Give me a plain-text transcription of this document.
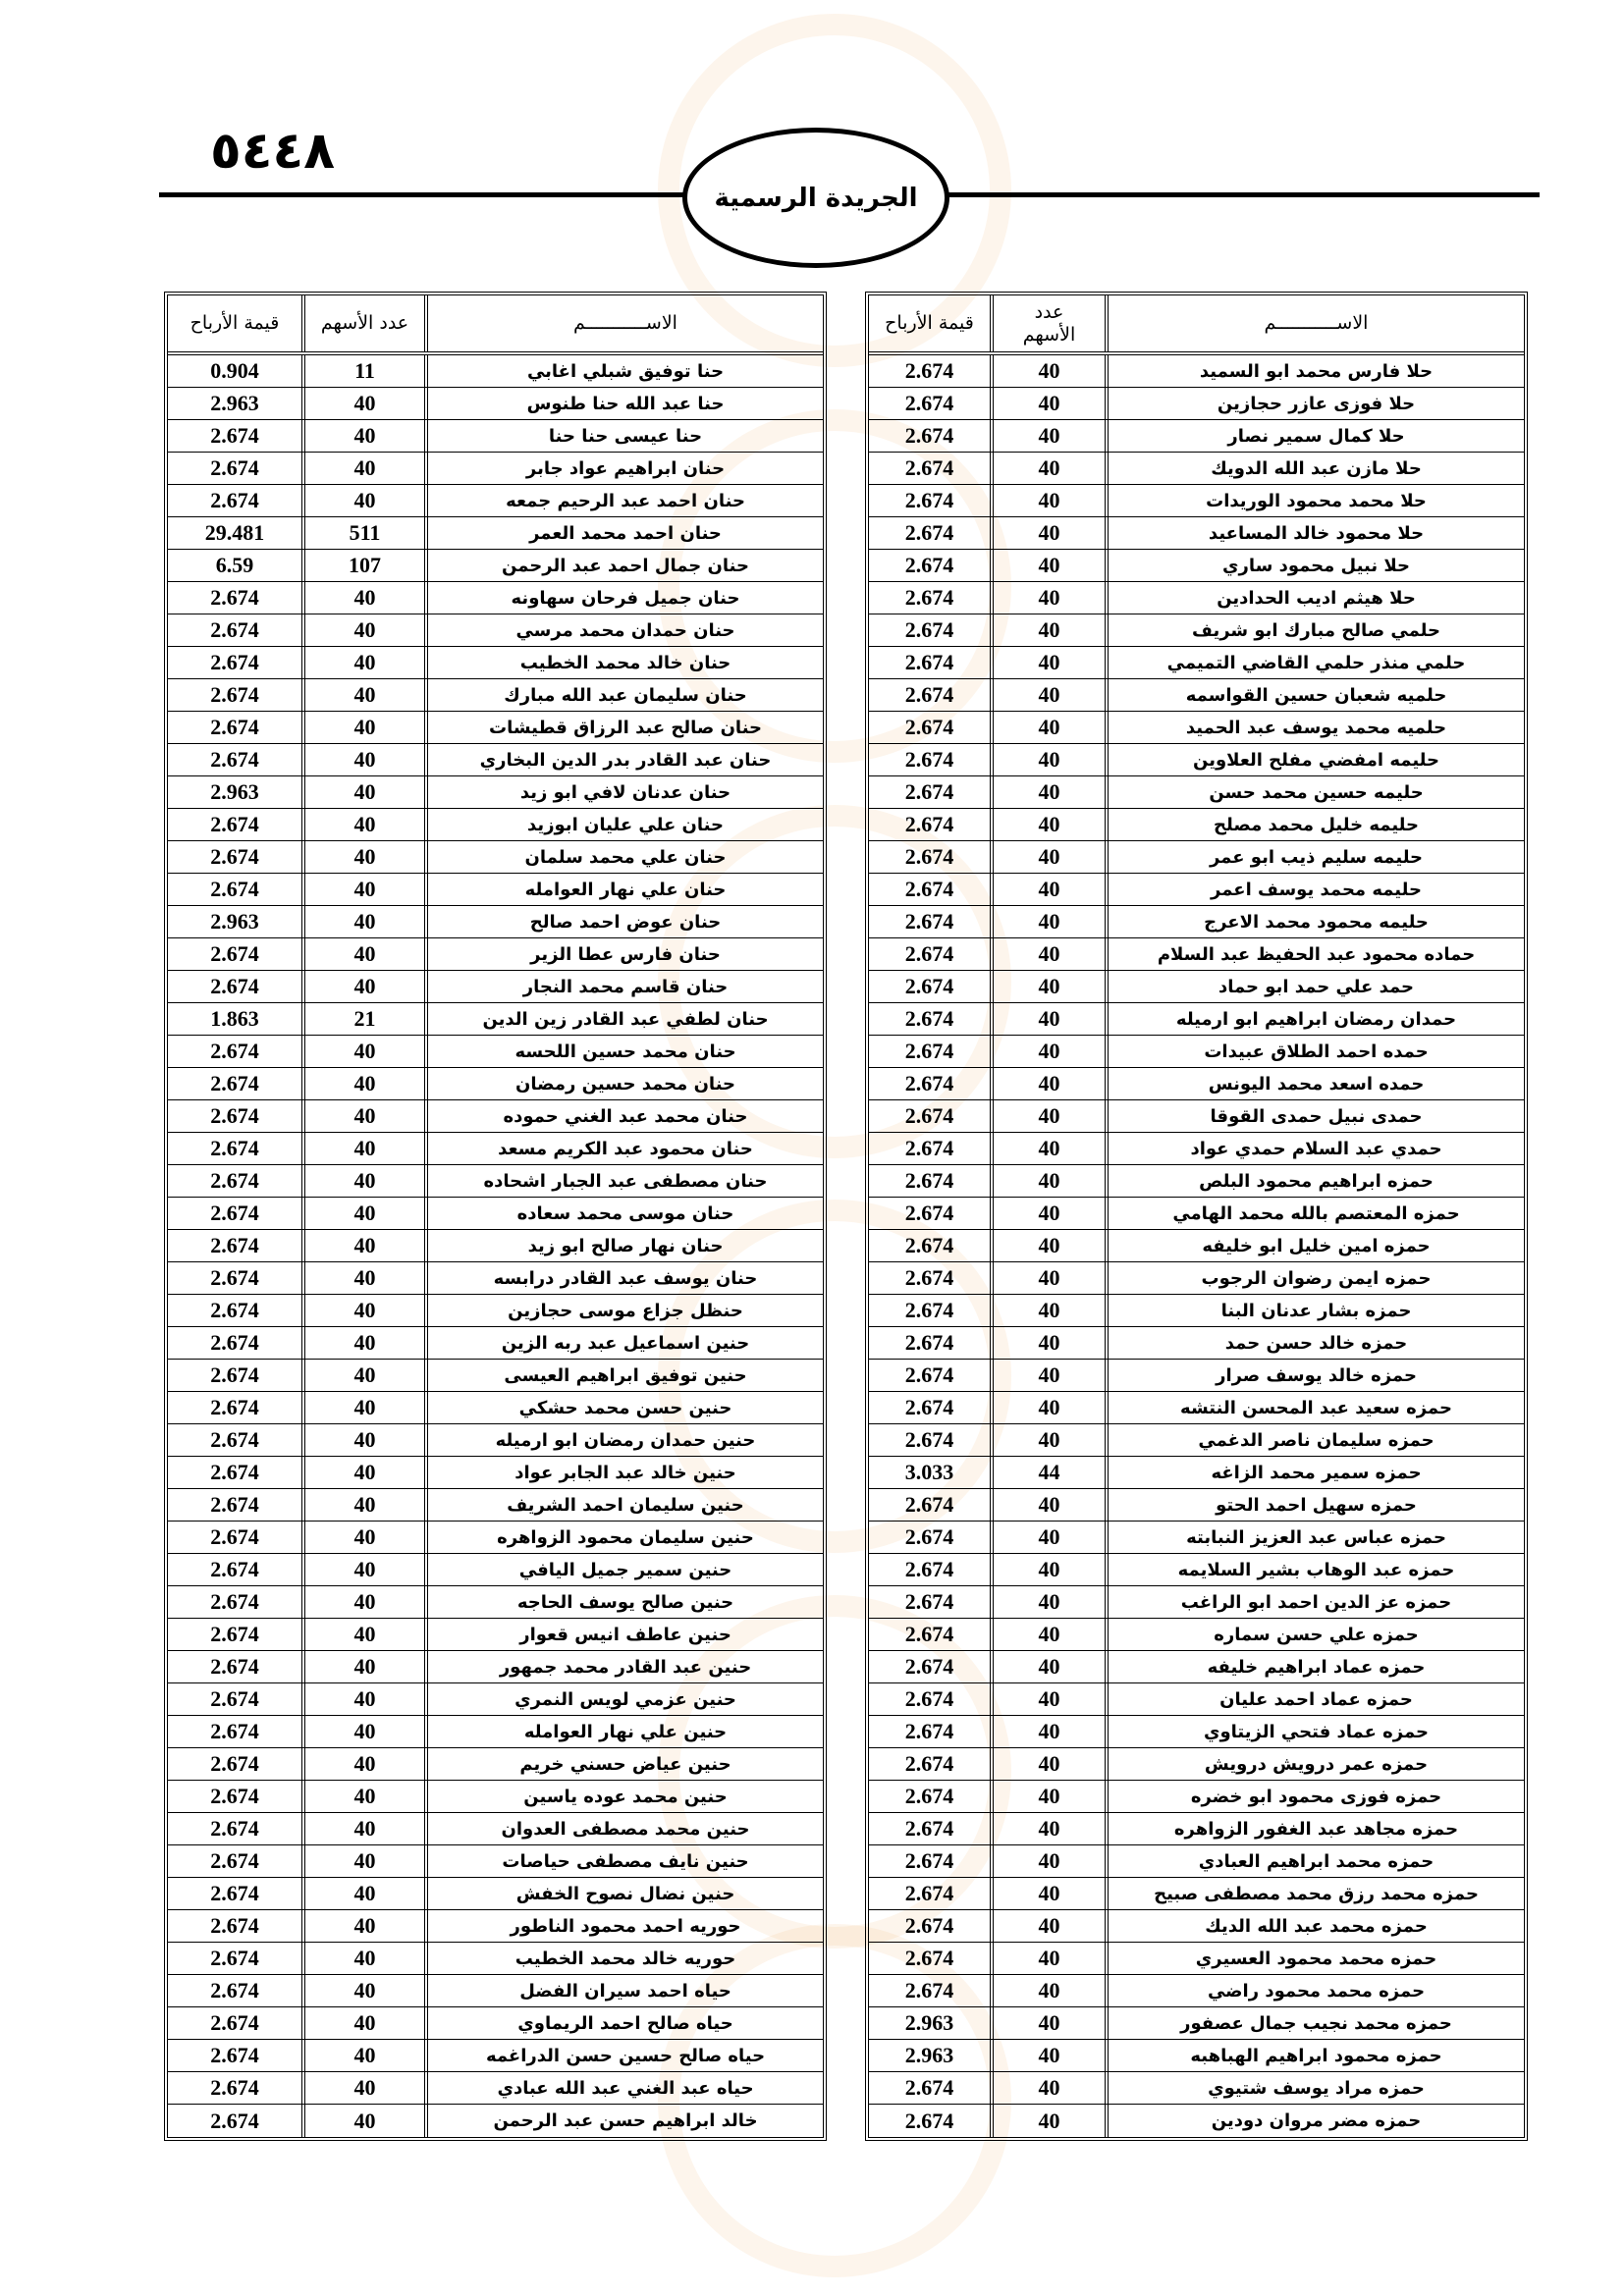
٥٤٤٨
الجريدة الرسمية
الاســـــــــــم
عدد الأسهم
قيمة الأرباح
حلا فارس محمد ابو السميد
40
2.674
حلا فوزى عازر حجازين
40
2.674
حلا كمال سمير نصار
40
2.674
حلا مازن عبد الله الدويك
40
2.674
حلا محمد محمود الوريدات
40
2.674
حلا محمود خالد المساعيد
40
2.674
حلا نبيل محمود ساري
40
2.674
حلا هيثم اديب الحدادين
40
2.674
حلمي صالح مبارك ابو شريف
40
2.674
حلمي منذر حلمي القاضي التميمي
40
2.674
حلميه شعبان حسين القواسمه
40
2.674
حلميه محمد يوسف عبد الحميد
40
2.674
حليمه امفضي مفلح العلاوين
40
2.674
حليمه حسين محمد حسن
40
2.674
حليمه خليل محمد مصلح
40
2.674
حليمه سليم ذيب ابو عمر
40
2.674
حليمه محمد يوسف اعمر
40
2.674
حليمه محمود محمد الاعرج
40
2.674
حماده محمود عبد الحفيظ عبد السلام
40
2.674
حمد علي حمد ابو حماد
40
2.674
حمدان رمضان ابراهيم ابو ارميله
40
2.674
حمده احمد الطلاق عبيدات
40
2.674
حمده اسعد محمد اليونس
40
2.674
حمدى نبيل حمدى القوقا
40
2.674
حمدي عبد السلام حمدي عواد
40
2.674
حمزه ابراهيم محمود البلص
40
2.674
حمزه المعتصم بالله محمد الهامي
40
2.674
حمزه امين خليل ابو خليفه
40
2.674
حمزه ايمن رضوان الرجوب
40
2.674
حمزه بشار عدنان البنا
40
2.674
حمزه خالد حسن حمد
40
2.674
حمزه خالد يوسف صرار
40
2.674
حمزه سعيد عبد المحسن النتشه
40
2.674
حمزه سليمان ناصر الدغمي
40
2.674
حمزه سمير محمد الزاغه
44
3.033
حمزه سهيل احمد الحتو
40
2.674
حمزه عباس عبد العزيز النبابته
40
2.674
حمزه عبد الوهاب بشير السلايمه
40
2.674
حمزه عز الدين احمد ابو الراغب
40
2.674
حمزه علي حسن سماره
40
2.674
حمزه عماد ابراهيم خليفه
40
2.674
حمزه عماد احمد عليان
40
2.674
حمزه عماد فتحي الزيتاوي
40
2.674
حمزه عمر درويش درويش
40
2.674
حمزه فوزى محمود ابو خضره
40
2.674
حمزه مجاهد عبد الغفور الزواهره
40
2.674
حمزه محمد ابراهيم العبادي
40
2.674
حمزه محمد رزق محمد مصطفى صبيح
40
2.674
حمزه محمد عبد الله الديك
40
2.674
حمزه محمد محمود العسيري
40
2.674
حمزه محمد محمود راضي
40
2.674
حمزه محمد نجيب جمال عصفور
40
2.963
حمزه محمود ابراهيم الهباهبه
40
2.963
حمزه مراد يوسف شتيوي
40
2.674
حمزه مضر مروان دودين
40
2.674
الاســـــــــــم
عدد الأسهم
قيمة الأرباح
حنا توفيق شبلي اغابي
11
0.904
حنا عبد الله حنا طنوس
40
2.963
حنا عيسى حنا حنا
40
2.674
حنان ابراهيم عواد جابر
40
2.674
حنان احمد عبد الرحيم جمعه
40
2.674
حنان احمد محمد العمر
511
29.481
حنان جمال احمد عبد الرحمن
107
6.59
حنان جميل فرحان سهاونه
40
2.674
حنان حمدان محمد مرسي
40
2.674
حنان خالد محمد الخطيب
40
2.674
حنان سليمان عبد الله مبارك
40
2.674
حنان صالح عبد الرزاق قطيشات
40
2.674
حنان عبد القادر بدر الدين البخاري
40
2.674
حنان عدنان لافي ابو زيد
40
2.963
حنان علي عليان ابوزيد
40
2.674
حنان علي محمد سلمان
40
2.674
حنان علي نهار العوامله
40
2.674
حنان عوض احمد صالح
40
2.963
حنان فارس عطا الزير
40
2.674
حنان قاسم محمد النجار
40
2.674
حنان لطفي عبد القادر زين الدين
21
1.863
حنان محمد حسين اللحسه
40
2.674
حنان محمد حسين رمضان
40
2.674
حنان محمد عبد الغني حموده
40
2.674
حنان محمود عبد الكريم مسعد
40
2.674
حنان مصطفى عبد الجبار اشحاده
40
2.674
حنان موسى محمد سعاده
40
2.674
حنان نهار صالح ابو زيد
40
2.674
حنان يوسف عبد القادر درابسه
40
2.674
حنظل جزاع موسى حجازين
40
2.674
حنين اسماعيل عبد ربه الزين
40
2.674
حنين توفيق ابراهيم العيسى
40
2.674
حنين حسن محمد حشكي
40
2.674
حنين حمدان رمضان ابو ارميله
40
2.674
حنين خالد عبد الجابر عواد
40
2.674
حنين سليمان احمد الشريف
40
2.674
حنين سليمان محمود الزواهره
40
2.674
حنين سمير جميل اليافي
40
2.674
حنين صالح يوسف الحاجه
40
2.674
حنين عاطف انيس قعوار
40
2.674
حنين عبد القادر محمد جمهور
40
2.674
حنين عزمي لويس النمري
40
2.674
حنين علي نهار العوامله
40
2.674
حنين عياض حسني خريم
40
2.674
حنين محمد عوده ياسين
40
2.674
حنين محمد مصطفى العدوان
40
2.674
حنين نايف مصطفى حياصات
40
2.674
حنين نضال نصوح الخفش
40
2.674
حوريه احمد محمود الناطور
40
2.674
حوريه خالد محمد الخطيب
40
2.674
حياه احمد سيران الفضل
40
2.674
حياه صالح احمد الريماوي
40
2.674
حياه صالح حسين حسن الدراغمه
40
2.674
حياه عبد الغني عبد الله عبادي
40
2.674
خالد ابراهيم حسن عبد الرحمن
40
2.674
